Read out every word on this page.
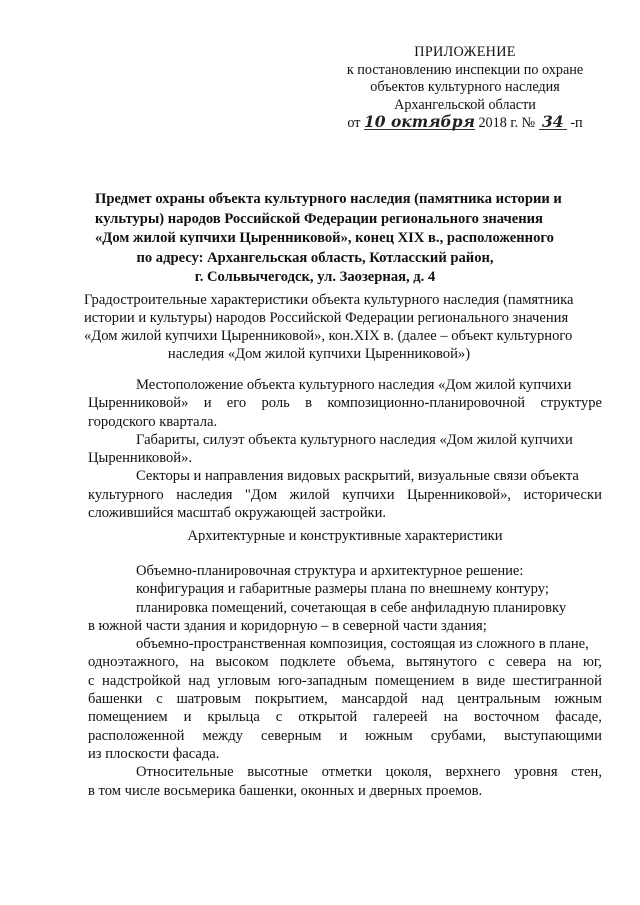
ПРИЛОЖЕНИЕ
к постановлению инспекции по охране
объектов культурного наследия
Архангельской области
от 10 октября 2018 г. № 34 -п
Предмет охраны объекта культурного наследия (памятника истории и
культуры) народов Российской Федерации регионального значения
«Дом жилой купчихи Цыренниковой», конец XIX в., расположенного
по адресу: Архангельская область, Котласский район,
г. Сольвычегодск, ул. Заозерная, д. 4
Градостроительные характеристики объекта культурного наследия (памятника
истории и культуры) народов Российской Федерации регионального значения
«Дом жилой купчихи Цыренниковой», кон.XIX в. (далее – объект культурного
наследия «Дом жилой купчихи Цыренниковой»)
Местоположение объекта культурного наследия «Дом жилой купчихи
Цыренниковой» и его роль в композиционно-планировочной структуре
городского квартала.
Габариты, силуэт объекта культурного наследия «Дом жилой купчихи
Цыренниковой».
Секторы и направления видовых раскрытий, визуальные связи объекта
культурного наследия "Дом жилой купчихи Цыренниковой», исторически
сложившийся масштаб окружающей застройки.
Архитектурные и конструктивные характеристики
Объемно-планировочная структура и архитектурное решение:
конфигурация и габаритные размеры плана по внешнему контуру;
планировка помещений, сочетающая в себе анфиладную планировку
в южной части здания и коридорную – в северной части здания;
объемно-пространственная композиция, состоящая из сложного в плане,
одноэтажного, на высоком подклете объема, вытянутого с севера на юг,
с надстройкой над угловым юго-западным помещением в виде шестигранной
башенки с шатровым покрытием, мансардой над центральным южным
помещением и крыльца с открытой галереей на восточном фасаде,
расположенной между северным и южным срубами, выступающими
из плоскости фасада.
Относительные высотные отметки цоколя, верхнего уровня стен,
в том числе восьмерика башенки, оконных и дверных проемов.
